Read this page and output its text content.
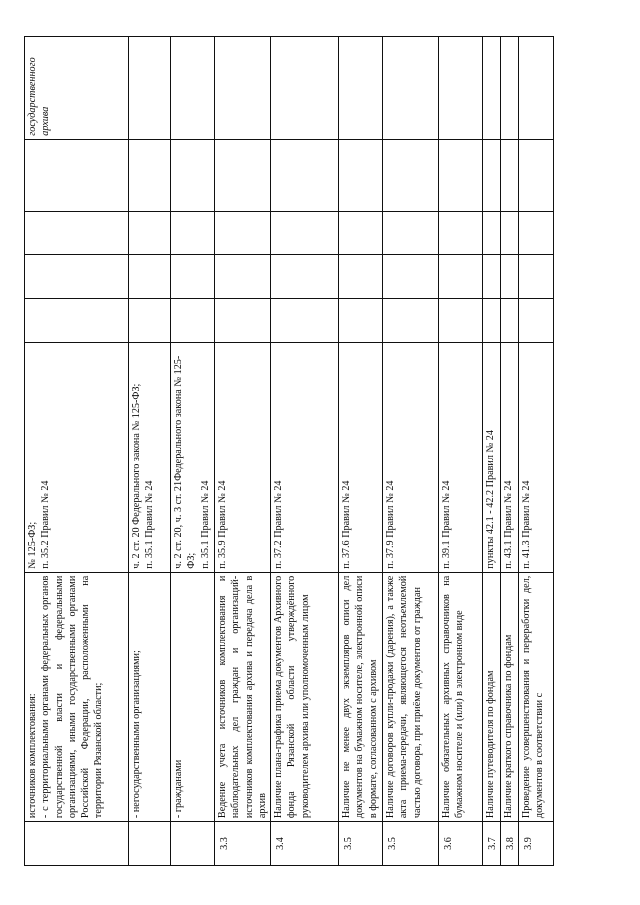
источников комплектования: - с территориальными органами федеральных органов государственной власти и федеральными организациями, иными государственными органами Российской Федерации, расположенными на территории Рязанской области;
№ 125-ФЗ; п. 35.2 Правил № 24
государственного архива
- негосударственными организациями;
ч. 2 ст. 20 Федерального закона № 125-ФЗ; п. 35.1 Правил № 24
- гражданами
ч. 2 ст. 20, ч. 3 ст. 21Федерального закона № 125-ФЗ; п. 35.1 Правил № 24
3.3
Ведение учета источников комплектования и наблюдательных дел граждан и организаций-источников комплектования архива и передача дела в архив
п. 35.9 Правил № 24
3.4
Наличие плана-графика приема документов Архивного фонда Рязанской области утверждённого руководителем архива или уполномоченным лицом
п. 37.2 Правил № 24
3.5
Наличие не менее двух экземпляров описи дел документов на бумажном носителе, электронной описи в формате, согласованном с архивом
п. 37.6 Правил № 24
3.5
Наличие договоров купли-продажи (дарения), а также акта приема-передачи, являющегося неотъемлемой частью договора, при приёме документов от граждан
п. 37.9 Правил № 24
3.6
Наличие обязательных архивных справочников на бумажном носителе и (или) в электронном виде
п. 39.1 Правил № 24
3.7
Наличие путеводителя по фондам
пункты 42.1 - 42.2 Правил № 24
3.8
Наличие краткого справочника по фондам
п. 43.1 Правил № 24
3.9
Проведение усовершенствования и переработки дел, документов в соответствии с
п. 41.3 Правил № 24
